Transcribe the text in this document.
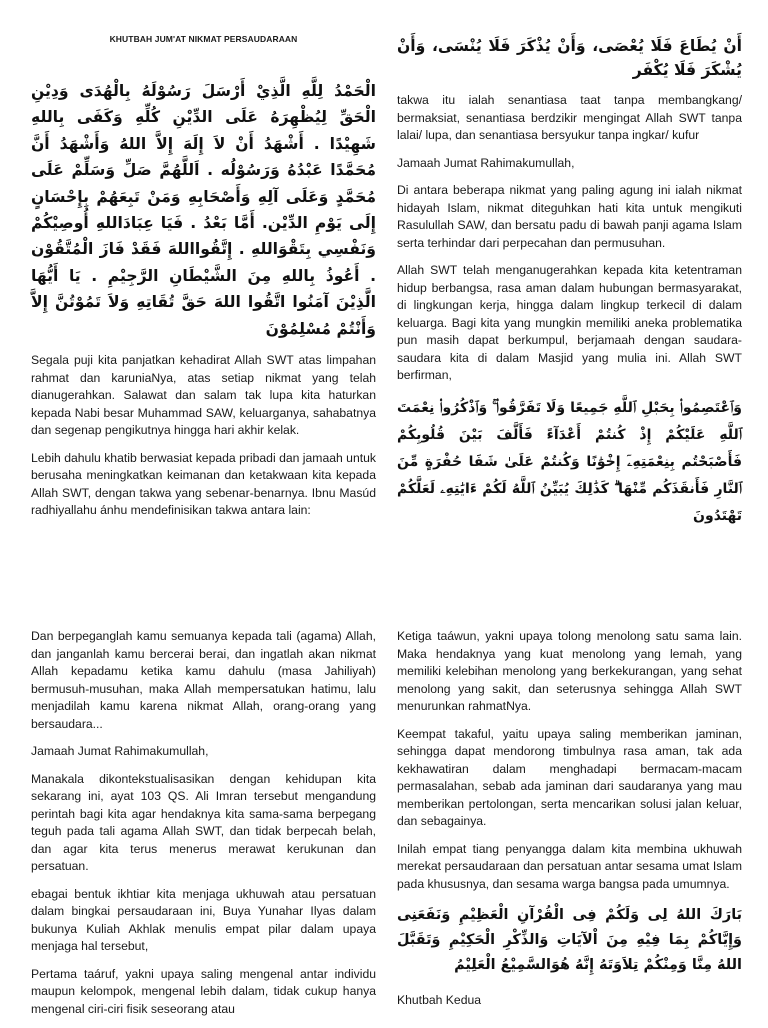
KHUTBAH JUM'AT NIKMAT PERSAUDARAAN

الْحَمْدُ لِلَّهِ الَّذِيْ أَرْسَلَ رَسُوْلَهُ بِالْهُدَى وَدِيْنِ الْحَقِّ لِيُظْهِرَهُ عَلَى الدِّيْنِ كُلِّهِ وَكَفَى بِاللهِ شَهِيْدًا . أَشْهَدُ أَنْ لاَ إِلَهَ إِلاَّ اللهُ وَأَشْهَدُ أَنَّ مُحَمَّدًا عَبْدُهُ وَرَسُوْلُه . اَللَّهُمَّ صَلِّ وَسَلِّمْ عَلَى مُحَمَّدٍ وَعَلَى آلِهِ وَأَصْحَابِهِ وَمَنْ تَبِعَهُمْ بِإِحْسَانٍ إِلَى يَوْمِ الدِّيْن. أَمَّا بَعْدُ . فَيَا عِبَادَاللهِ أُوصِيْكُمْ وَنَفْسِي بِتَقْوَاللهِ . إِتَّقُوااللهَ فَقَدْ فَازَ الْمُتَّقُوْن . أَعُوذُ بِاللهِ مِنَ الشَّيْطَانِ الرَّجِيْمِ . يَا أَيُّهَا الَّذِيْنَ آمَنُوا اتَّقُوا اللهَ حَقَّ تُقَاتِهِ وَلاَ تَمُوْتُنَّ إِلاَّ وَأَنْتُمْ مُسْلِمُوْنَ

Segala puji kita panjatkan kehadirat Allah SWT atas limpahan rahmat dan karuniaNya, atas setiap nikmat yang telah dianugerahkan. Salawat dan salam tak lupa kita haturkan kepada Nabi besar Muhammad SAW, keluarganya, sahabatnya dan segenap pengikutnya hingga hari akhir kelak.

Lebih dahulu khatib berwasiat kepada pribadi dan jamaah untuk berusaha meningkatkan keimanan dan ketakwaan kita kepada Allah SWT, dengan takwa yang sebenar-benarnya. Ibnu Masúd radhiyallahu ánhu mendefinisikan takwa antara lain:

أَنْ يُطَاعَ فَلَا يُعْصَى، وَأَنْ يُذْكَرَ فَلَا يُنْسَى، وَأَنْ يُشْكَرَ فَلَا يُكْفَر

takwa itu ialah senantiasa taat tanpa membangkang/ bermaksiat, senantiasa berdzikir mengingat Allah SWT tanpa lalai/ lupa, dan senantiasa bersyukur tanpa ingkar/ kufur

Jamaah Jumat Rahimakumullah,

Di antara beberapa nikmat yang paling agung ini ialah nikmat hidayah Islam, nikmat diteguhkan hati kita untuk mengikuti Rasulullah SAW, dan bersatu padu di bawah panji agama Islam serta terhindar dari perpecahan dan permusuhan.

Allah SWT telah menganugerahkan kepada kita ketentraman hidup berbangsa, rasa aman dalam hubungan bermasyarakat, di lingkungan kerja, hingga dalam lingkup terkecil di dalam keluarga. Bagi kita yang mungkin memiliki aneka problematika pun masih dapat berkumpul, berjamaah dengan saudara-saudara kita di dalam Masjid yang mulia ini. Allah SWT berfirman,

وَٱعْتَصِمُوا۟ بِحَبْلِ ٱللَّهِ جَمِيعًا وَلَا تَفَرَّقُوا۟ ۚ وَٱذْكُرُوا۟ نِعْمَتَ ٱللَّهِ عَلَيْكُمْ إِذْ كُنتُمْ أَعْدَآءً فَأَلَّفَ بَيْنَ قُلُوبِكُمْ فَأَصْبَحْتُم بِنِعْمَتِهِۦٓ إِخْوَٰنًا وَكُنتُمْ عَلَىٰ شَفَا حُفْرَةٍ مِّنَ ٱلنَّارِ فَأَنقَذَكُم مِّنْهَا ۗ كَذَٰلِكَ يُبَيِّنُ ٱللَّهُ لَكُمْ ءَايَٰتِهِۦ لَعَلَّكُمْ تَهْتَدُونَ

Dan berpeganglah kamu semuanya kepada tali (agama) Allah, dan janganlah kamu bercerai berai, dan ingatlah akan nikmat Allah kepadamu ketika kamu dahulu (masa Jahiliyah) bermusuh-musuhan, maka Allah mempersatukan hatimu, lalu menjadilah kamu karena nikmat Allah, orang-orang yang bersaudara...

Jamaah Jumat Rahimakumullah,

Manakala dikontekstualisasikan dengan kehidupan kita sekarang ini, ayat 103 QS. Ali Imran tersebut mengandung perintah bagi kita agar hendaknya kita sama-sama berpegang teguh pada tali agama Allah SWT, dan tidak berpecah belah, dan agar kita terus menerus merawat kerukunan dan persatuan.

ebagai bentuk ikhtiar kita menjaga ukhuwah atau persatuan dalam bingkai persaudaraan ini, Buya Yunahar Ilyas dalam bukunya Kuliah Akhlak menulis empat pilar dalam upaya menjaga hal tersebut,

Pertama taáruf, yakni upaya saling mengenal antar individu maupun kelompok, mengenal lebih dalam, tidak cukup hanya mengenal ciri-ciri fisik seseorang atau

Ketiga taáwun, yakni upaya tolong menolong satu sama lain. Maka hendaknya yang kuat menolong yang lemah, yang memiliki kelebihan menolong yang berkekurangan, yang sehat menolong yang sakit, dan seterusnya sehingga Allah SWT menurunkan rahmatNya.

Keempat takaful, yaitu upaya saling memberikan jaminan, sehingga dapat mendorong timbulnya rasa aman, tak ada kekhawatiran dalam menghadapi bermacam-macam permasalahan, sebab ada jaminan dari saudaranya yang mau memberikan pertolongan, serta mencarikan solusi jalan keluar, dan sebagainya.

Inilah empat tiang penyangga dalam kita membina ukhuwah merekat persaudaraan dan persatuan antar sesama umat Islam pada khususnya, dan sesama warga bangsa pada umumnya.

بَارَكَ اللهُ لِى وَلَكُمْ فِى الْقُرْآنِ الْعَظِيْمِ وَنَفَعَنِى وَإِيَّاكُمْ بِمَا فِيْهِ مِنَ اْلآيَاتِ وَالذِّكْرِ الْحَكِيْمِ وَتَقَبَّلَ اللهُ مِنَّا وَمِنْكُمْ تِلاَوَتَهُ إِنَّهُ هُوَالسَّمِيْعُ الْعَلِيْمُ

Khutbah Kedua
